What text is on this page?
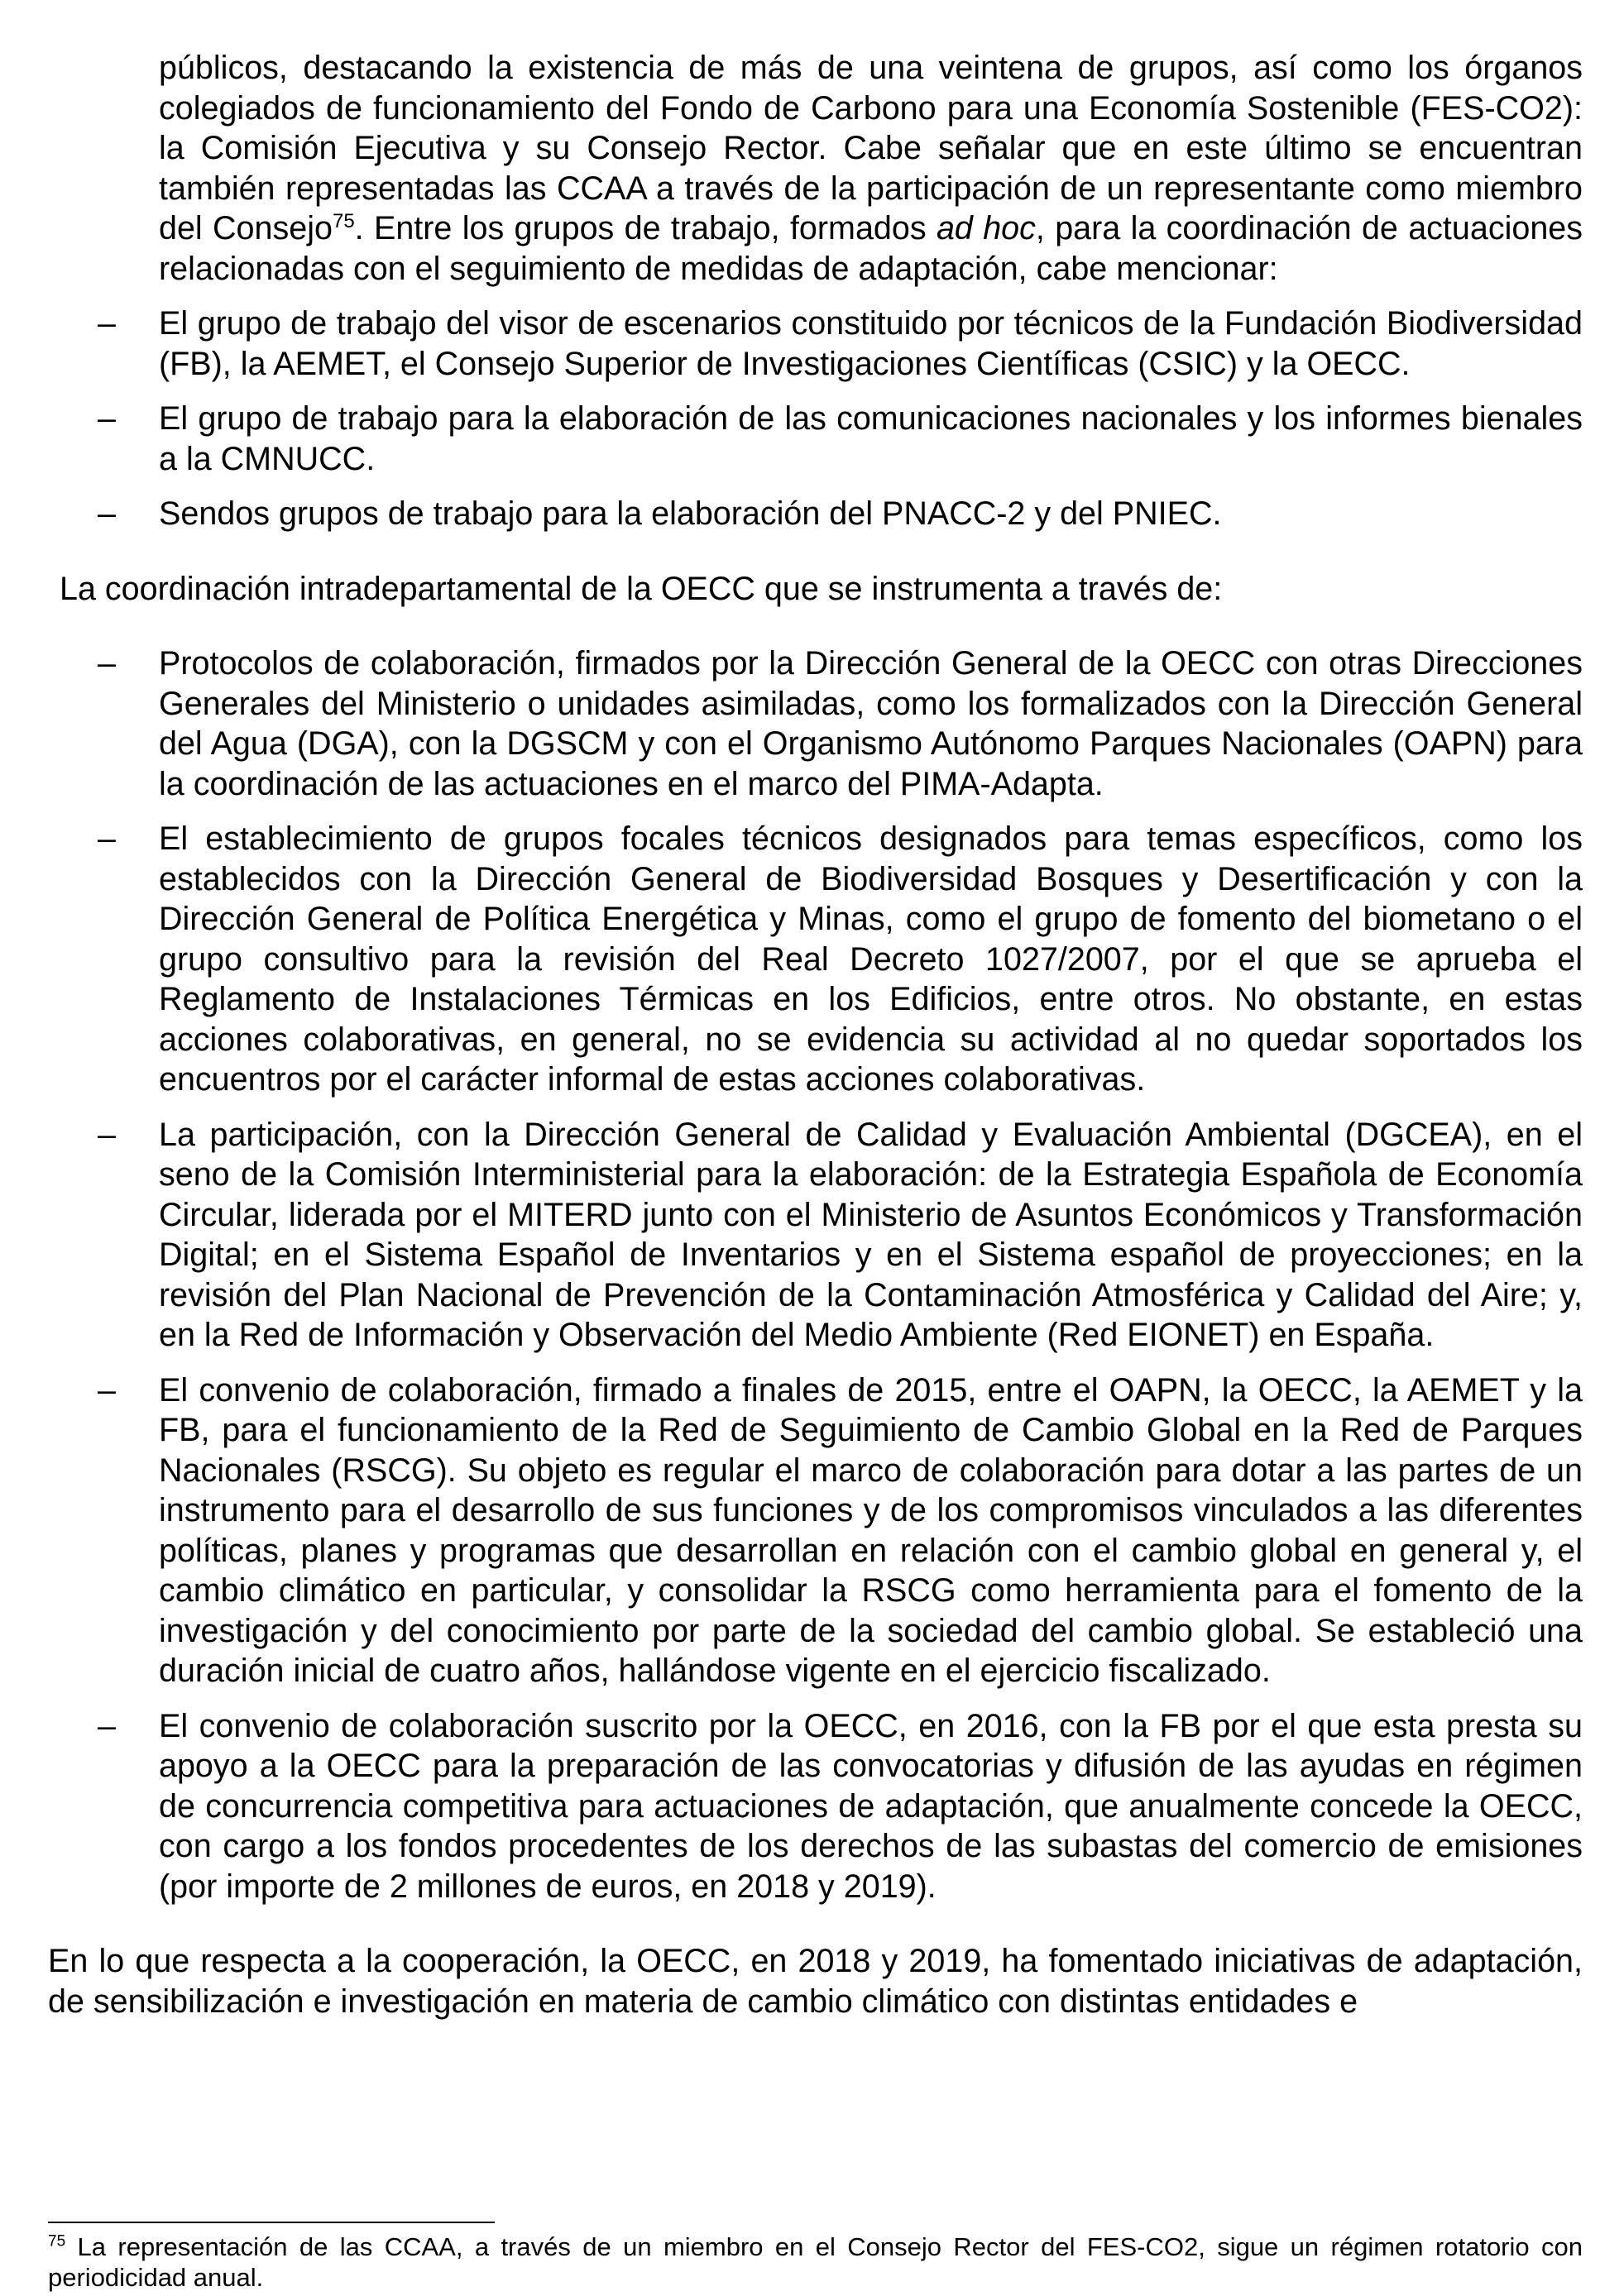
públicos, destacando la existencia de más de una veintena de grupos, así como los órganos colegiados de funcionamiento del Fondo de Carbono para una Economía Sostenible (FES-CO2): la Comisión Ejecutiva y su Consejo Rector. Cabe señalar que en este último se encuentran también representadas las CCAA a través de la participación de un representante como miembro del Consejo$^{75}$. Entre los grupos de trabajo, formados ad hoc, para la coordinación de actuaciones relacionadas con el seguimiento de medidas de adaptación, cabe mencionar:

– El grupo de trabajo del visor de escenarios constituido por técnicos de la Fundación Biodiversidad (FB), la AEMET, el Consejo Superior de Investigaciones Científicas (CSIC) y la OECC.
– El grupo de trabajo para la elaboración de las comunicaciones nacionales y los informes bienales a la CMNUCC.
– Sendos grupos de trabajo para la elaboración del PNACC-2 y del PNIEC.

La coordinación intradepartamental de la OECC que se instrumenta a través de:

– Protocolos de colaboración, firmados por la Dirección General de la OECC con otras Direcciones Generales del Ministerio o unidades asimiladas, como los formalizados con la Dirección General del Agua (DGA), con la DGSCM y con el Organismo Autónomo Parques Nacionales (OAPN) para la coordinación de las actuaciones en el marco del PIMA-Adapta.
– El establecimiento de grupos focales técnicos designados para temas específicos, como los establecidos con la Dirección General de Biodiversidad Bosques y Desertificación y con la Dirección General de Política Energética y Minas, como el grupo de fomento del biometano o el grupo consultivo para la revisión del Real Decreto 1027/2007, por el que se aprueba el Reglamento de Instalaciones Térmicas en los Edificios, entre otros. No obstante, en estas acciones colaborativas, en general, no se evidencia su actividad al no quedar soportados los encuentros por el carácter informal de estas acciones colaborativas.
– La participación, con la Dirección General de Calidad y Evaluación Ambiental (DGCEA), en el seno de la Comisión Interministerial para la elaboración: de la Estrategia Española de Economía Circular, liderada por el MITERD junto con el Ministerio de Asuntos Económicos y Transformación Digital; en el Sistema Español de Inventarios y en el Sistema español de proyecciones; en la revisión del Plan Nacional de Prevención de la Contaminación Atmosférica y Calidad del Aire; y, en la Red de Información y Observación del Medio Ambiente (Red EIONET) en España.
– El convenio de colaboración, firmado a finales de 2015, entre el OAPN, la OECC, la AEMET y la FB, para el funcionamiento de la Red de Seguimiento de Cambio Global en la Red de Parques Nacionales (RSCG). Su objeto es regular el marco de colaboración para dotar a las partes de un instrumento para el desarrollo de sus funciones y de los compromisos vinculados a las diferentes políticas, planes y programas que desarrollan en relación con el cambio global en general y, el cambio climático en particular, y consolidar la RSCG como herramienta para el fomento de la investigación y del conocimiento por parte de la sociedad del cambio global. Se estableció una duración inicial de cuatro años, hallándose vigente en el ejercicio fiscalizado.
– El convenio de colaboración suscrito por la OECC, en 2016, con la FB por el que esta presta su apoyo a la OECC para la preparación de las convocatorias y difusión de las ayudas en régimen de concurrencia competitiva para actuaciones de adaptación, que anualmente concede la OECC, con cargo a los fondos procedentes de los derechos de las subastas del comercio de emisiones (por importe de 2 millones de euros, en 2018 y 2019).

En lo que respecta a la cooperación, la OECC, en 2018 y 2019, ha fomentado iniciativas de adaptación, de sensibilización e investigación en materia de cambio climático con distintas entidades e

$^{75}$ La representación de las CCAA, a través de un miembro en el Consejo Rector del FES-CO2, sigue un régimen rotatorio con periodicidad anual.
